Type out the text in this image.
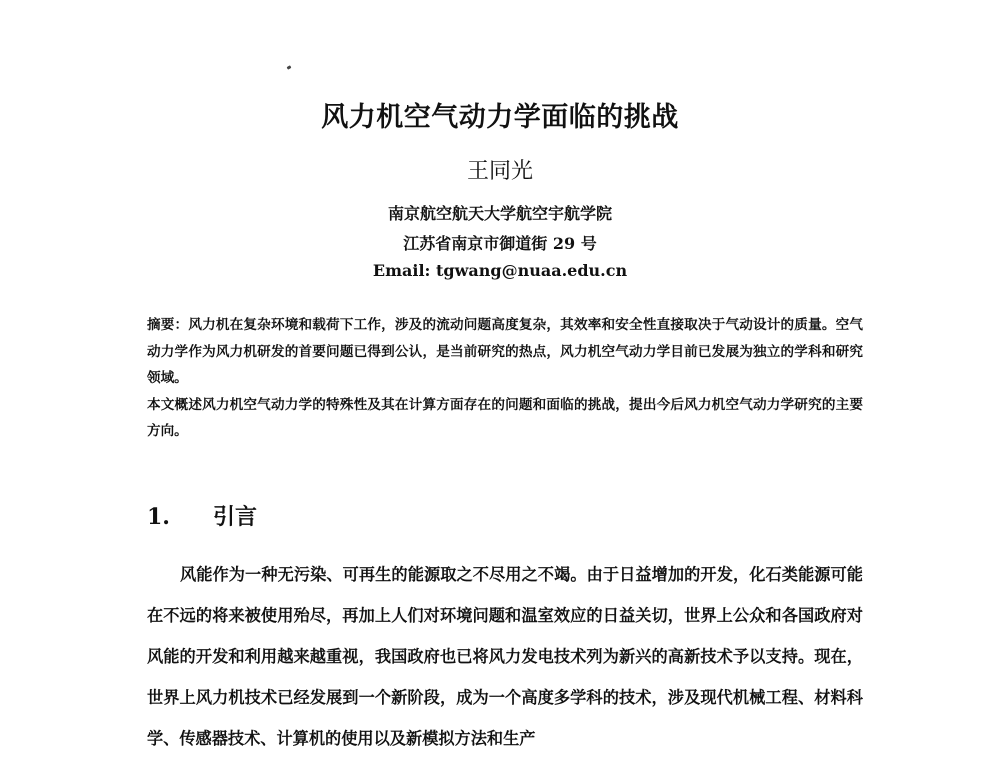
风力机空气动力学面临的挑战
王同光
南京航空航天大学航空宇航学院
江苏省南京市御道街 29 号
Email: tgwang@nuaa.edu.cn

摘要：风力机在复杂环境和载荷下工作，涉及的流动问题高度复杂，其效率和安全性直接取决于气动设计的质量。空气动力学作为风力机研发的首要问题已得到公认，是当前研究的热点，风力机空气动力学目前已发展为独立的学科和研究领域。

本文概述风力机空气动力学的特殊性及其在计算方面存在的问题和面临的挑战，提出今后风力机空气动力学研究的主要方向。

1. 引言

风能作为一种无污染、可再生的能源取之不尽用之不竭。由于日益增加的开发，化石类能源可能在不远的将来被使用殆尽，再加上人们对环境问题和温室效应的日益关切，世界上公众和各国政府对风能的开发和利用越来越重视，我国政府也已将风力发电技术列为新兴的高新技术予以支持。现在，世界上风力机技术已经发展到一个新阶段，成为一个高度多学科的技术，涉及现代机械工程、材料科学、传感器技术、计算机的使用以及新模拟方法和生产
